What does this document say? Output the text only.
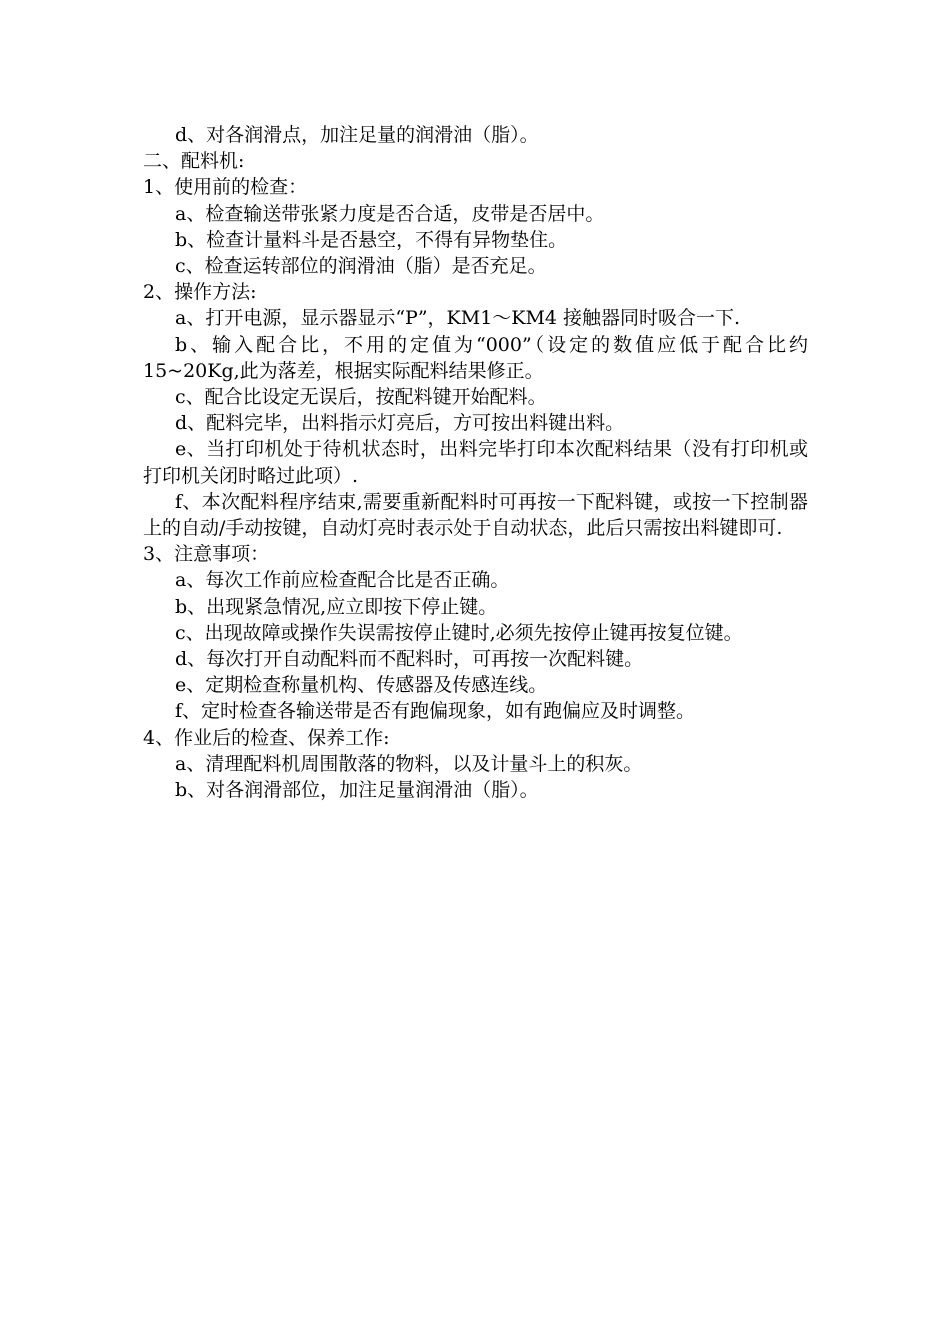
d、对各润滑点，加注足量的润滑油（脂）。

二、配料机:

1、使用前的检查：

a、检查输送带张紧力度是否合适，皮带是否居中。

b、检查计量料斗是否悬空，不得有异物垫住。

c、检查运转部位的润滑油（脂）是否充足。

2、操作方法:

a、打开电源，显示器显示“P”，KM1～KM4 接触器同时吸合一下.

b、输入配合比，不用的定值为“000”（设定的数值应低于配合比约 15~20Kg,此为落差，根据实际配料结果修正。

c、配合比设定无误后，按配料键开始配料。

d、配料完毕，出料指示灯亮后，方可按出料键出料。

e、当打印机处于待机状态时，出料完毕打印本次配料结果（没有打印机或打印机关闭时略过此项）.

f、本次配料程序结束,需要重新配料时可再按一下配料键，或按一下控制器上的自动/手动按键，自动灯亮时表示处于自动状态，此后只需按出料键即可.

3、注意事项：

a、每次工作前应检查配合比是否正确。

b、出现紧急情况,应立即按下停止键。

c、出现故障或操作失误需按停止键时,必须先按停止键再按复位键。

d、每次打开自动配料而不配料时，可再按一次配料键。

e、定期检查称量机构、传感器及传感连线。

f、定时检查各输送带是否有跑偏现象，如有跑偏应及时调整。

4、作业后的检查、保养工作:

a、清理配料机周围散落的物料，以及计量斗上的积灰。

b、对各润滑部位，加注足量润滑油（脂）。
